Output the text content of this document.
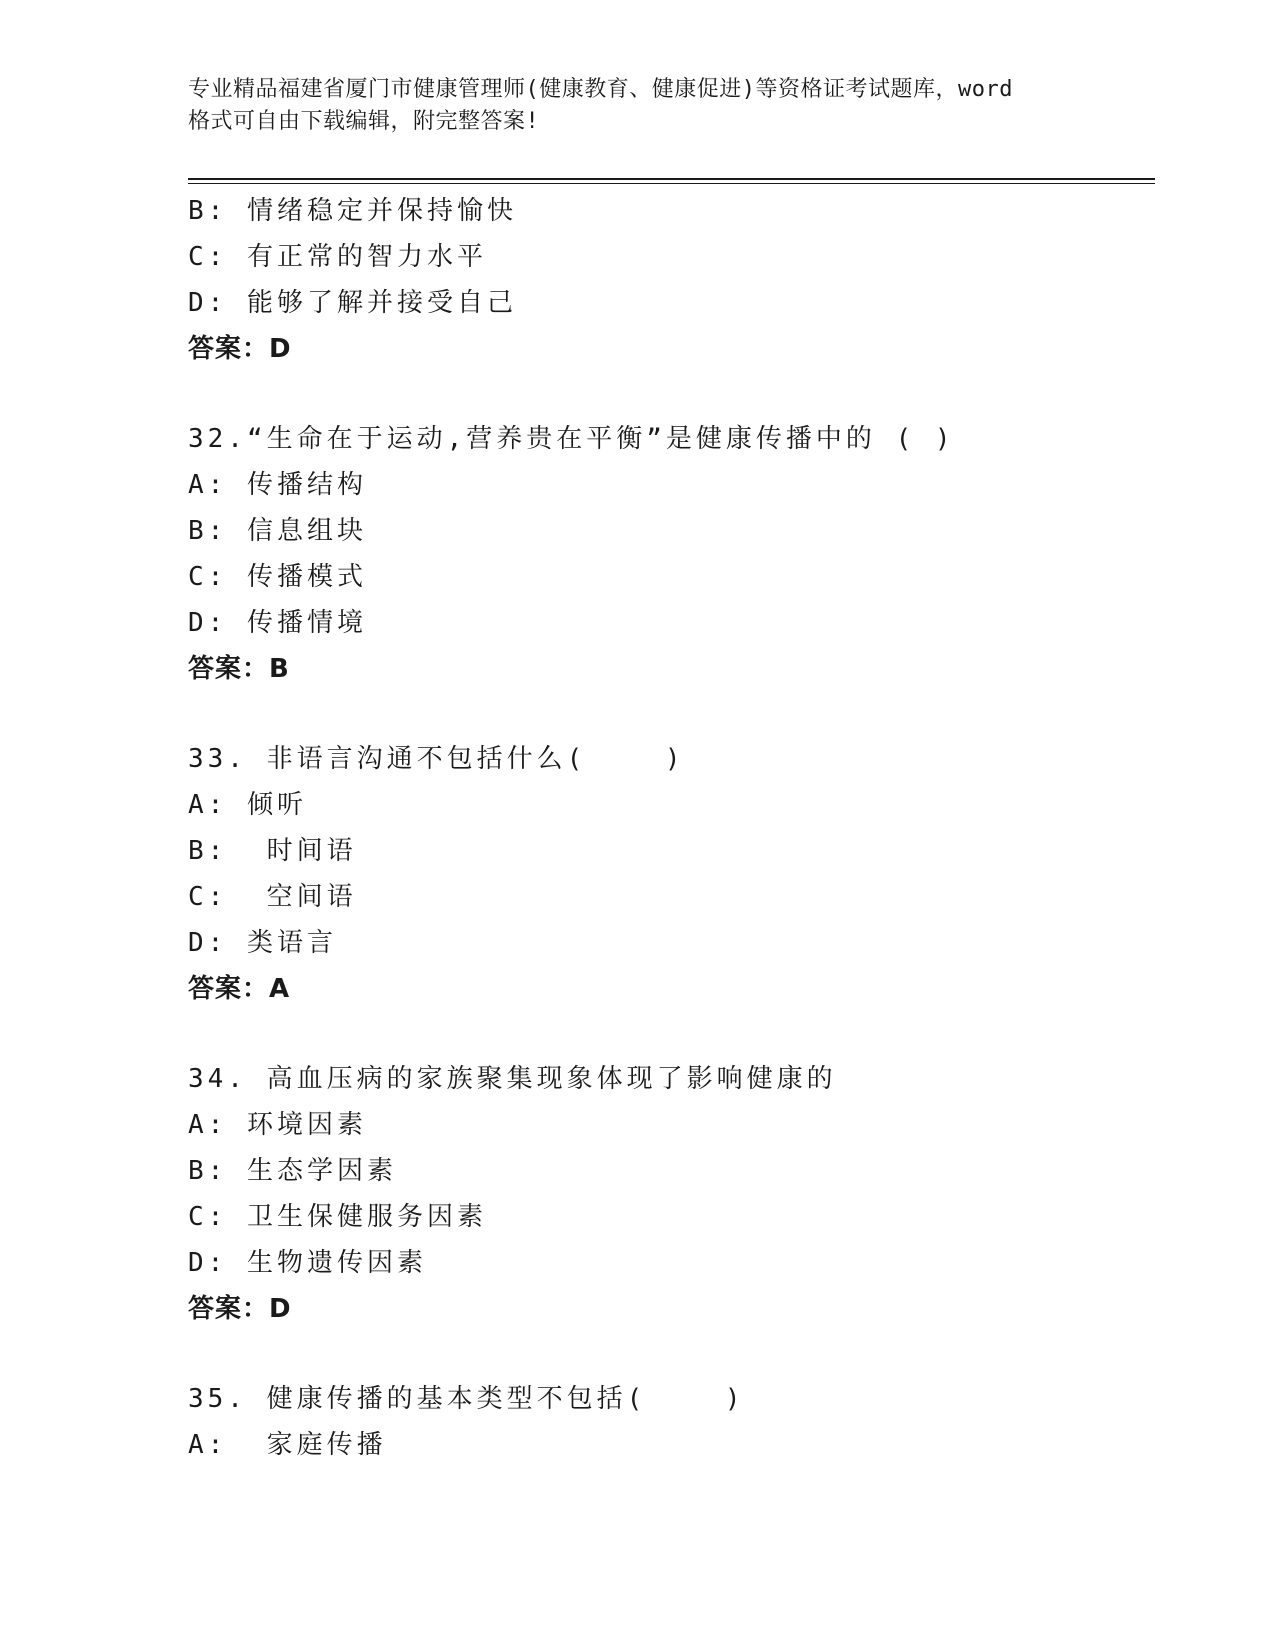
专业精品福建省厦门市健康管理师(健康教育、健康促进)等资格证考试题库，word
格式可自由下载编辑，附完整答案!
B: 情绪稳定并保持愉快
C: 有正常的智力水平
D: 能够了解并接受自己
答案：D
32.“生命在于运动,营养贵在平衡”是健康传播中的 ( )
A: 传播结构
B: 信息组块
C: 传播模式
D: 传播情境
答案：B
33. 非语言沟通不包括什么(    )
A: 倾听
B:  时间语
C:  空间语
D: 类语言
答案：A
34. 高血压病的家族聚集现象体现了影响健康的
A: 环境因素
B: 生态学因素
C: 卫生保健服务因素
D: 生物遗传因素
答案：D
35. 健康传播的基本类型不包括(    )
A:  家庭传播
